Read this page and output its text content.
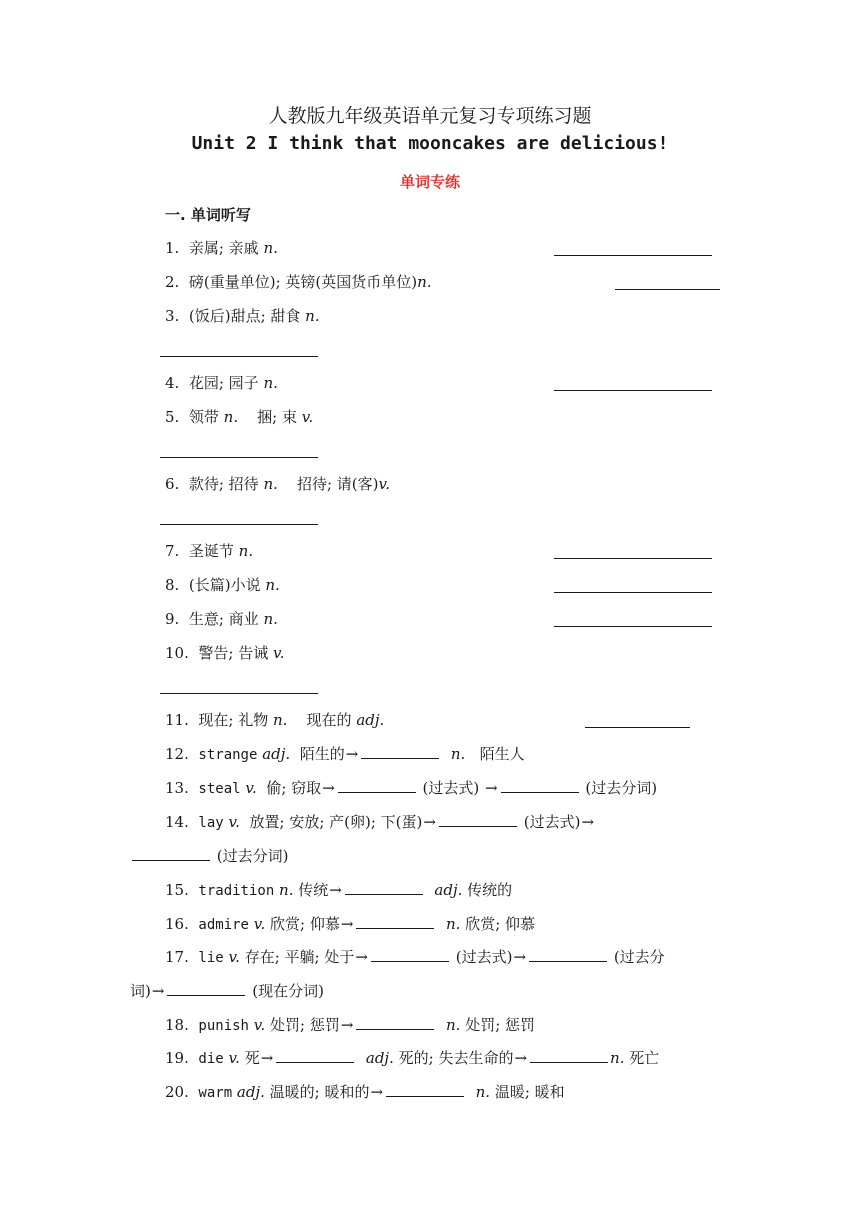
人教版九年级英语单元复习专项练习题
Unit 2 I think that mooncakes are delicious!
单词专练
一. 单词听写
1. 亲属; 亲戚 n.
2. 磅(重量单位); 英镑(英国货币单位)n.
3. (饭后)甜点; 甜食 n.
4. 花园; 园子 n.
5. 领带 n. 捆; 束 v.
6. 款待; 招待 n. 招待; 请(客)v.
7. 圣诞节 n.
8. (长篇)小说 n.
9. 生意; 商业 n.
10. 警告; 告诫 v.
11. 现在; 礼物 n. 现在的 adj.
12. strange adj. 陌生的→	n. 陌生人
13. steal v. 偷; 窃取→	(过去式) →	(过去分词)
14. lay v. 放置; 安放; 产(卵); 下(蛋)→	(过去式)→
(过去分词)
15. tradition n. 传统→	adj. 传统的
16. admire v. 欣赏; 仰慕→	n. 欣赏; 仰慕
17. lie v. 存在; 平躺; 处于→	(过去式)→	(过去分
词)→	(现在分词)
18. punish v. 处罚; 惩罚→	n. 处罚; 惩罚
19. die v. 死→	adj. 死的; 失去生命的→	n. 死亡
20. warm adj. 温暖的; 暖和的→	n. 温暖; 暖和
